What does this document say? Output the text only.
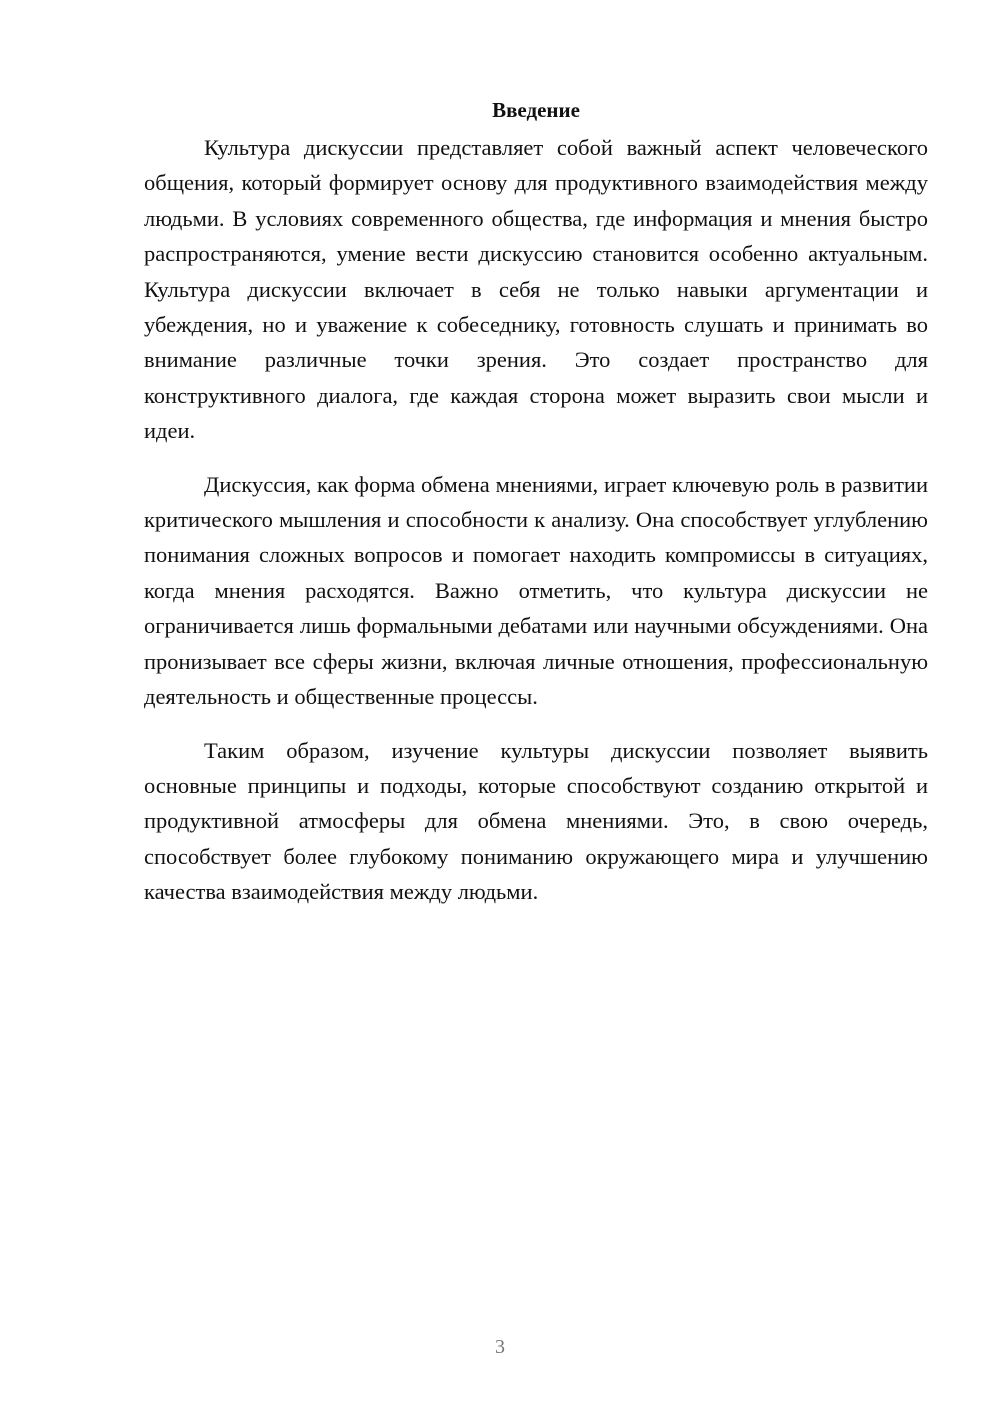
Введение

Культура дискуссии представляет собой важный аспект человеческого общения, который формирует основу для продуктивного взаимодействия между людьми. В условиях современного общества, где информация и мнения быстро распространяются, умение вести дискуссию становится особенно актуальным. Культура дискуссии включает в себя не только навыки аргументации и убеждения, но и уважение к собеседнику, готовность слушать и принимать во внимание различные точки зрения. Это создает пространство для конструктивного диалога, где каждая сторона может выразить свои мысли и идеи.

Дискуссия, как форма обмена мнениями, играет ключевую роль в развитии критического мышления и способности к анализу. Она способствует углублению понимания сложных вопросов и помогает находить компромиссы в ситуациях, когда мнения расходятся. Важно отметить, что культура дискуссии не ограничивается лишь формальными дебатами или научными обсуждениями. Она пронизывает все сферы жизни, включая личные отношения, профессиональную деятельность и общественные процессы.

Таким образом, изучение культуры дискуссии позволяет выявить основные принципы и подходы, которые способствуют созданию открытой и продуктивной атмосферы для обмена мнениями. Это, в свою очередь, способствует более глубокому пониманию окружающего мира и улучшению качества взаимодействия между людьми.

3
